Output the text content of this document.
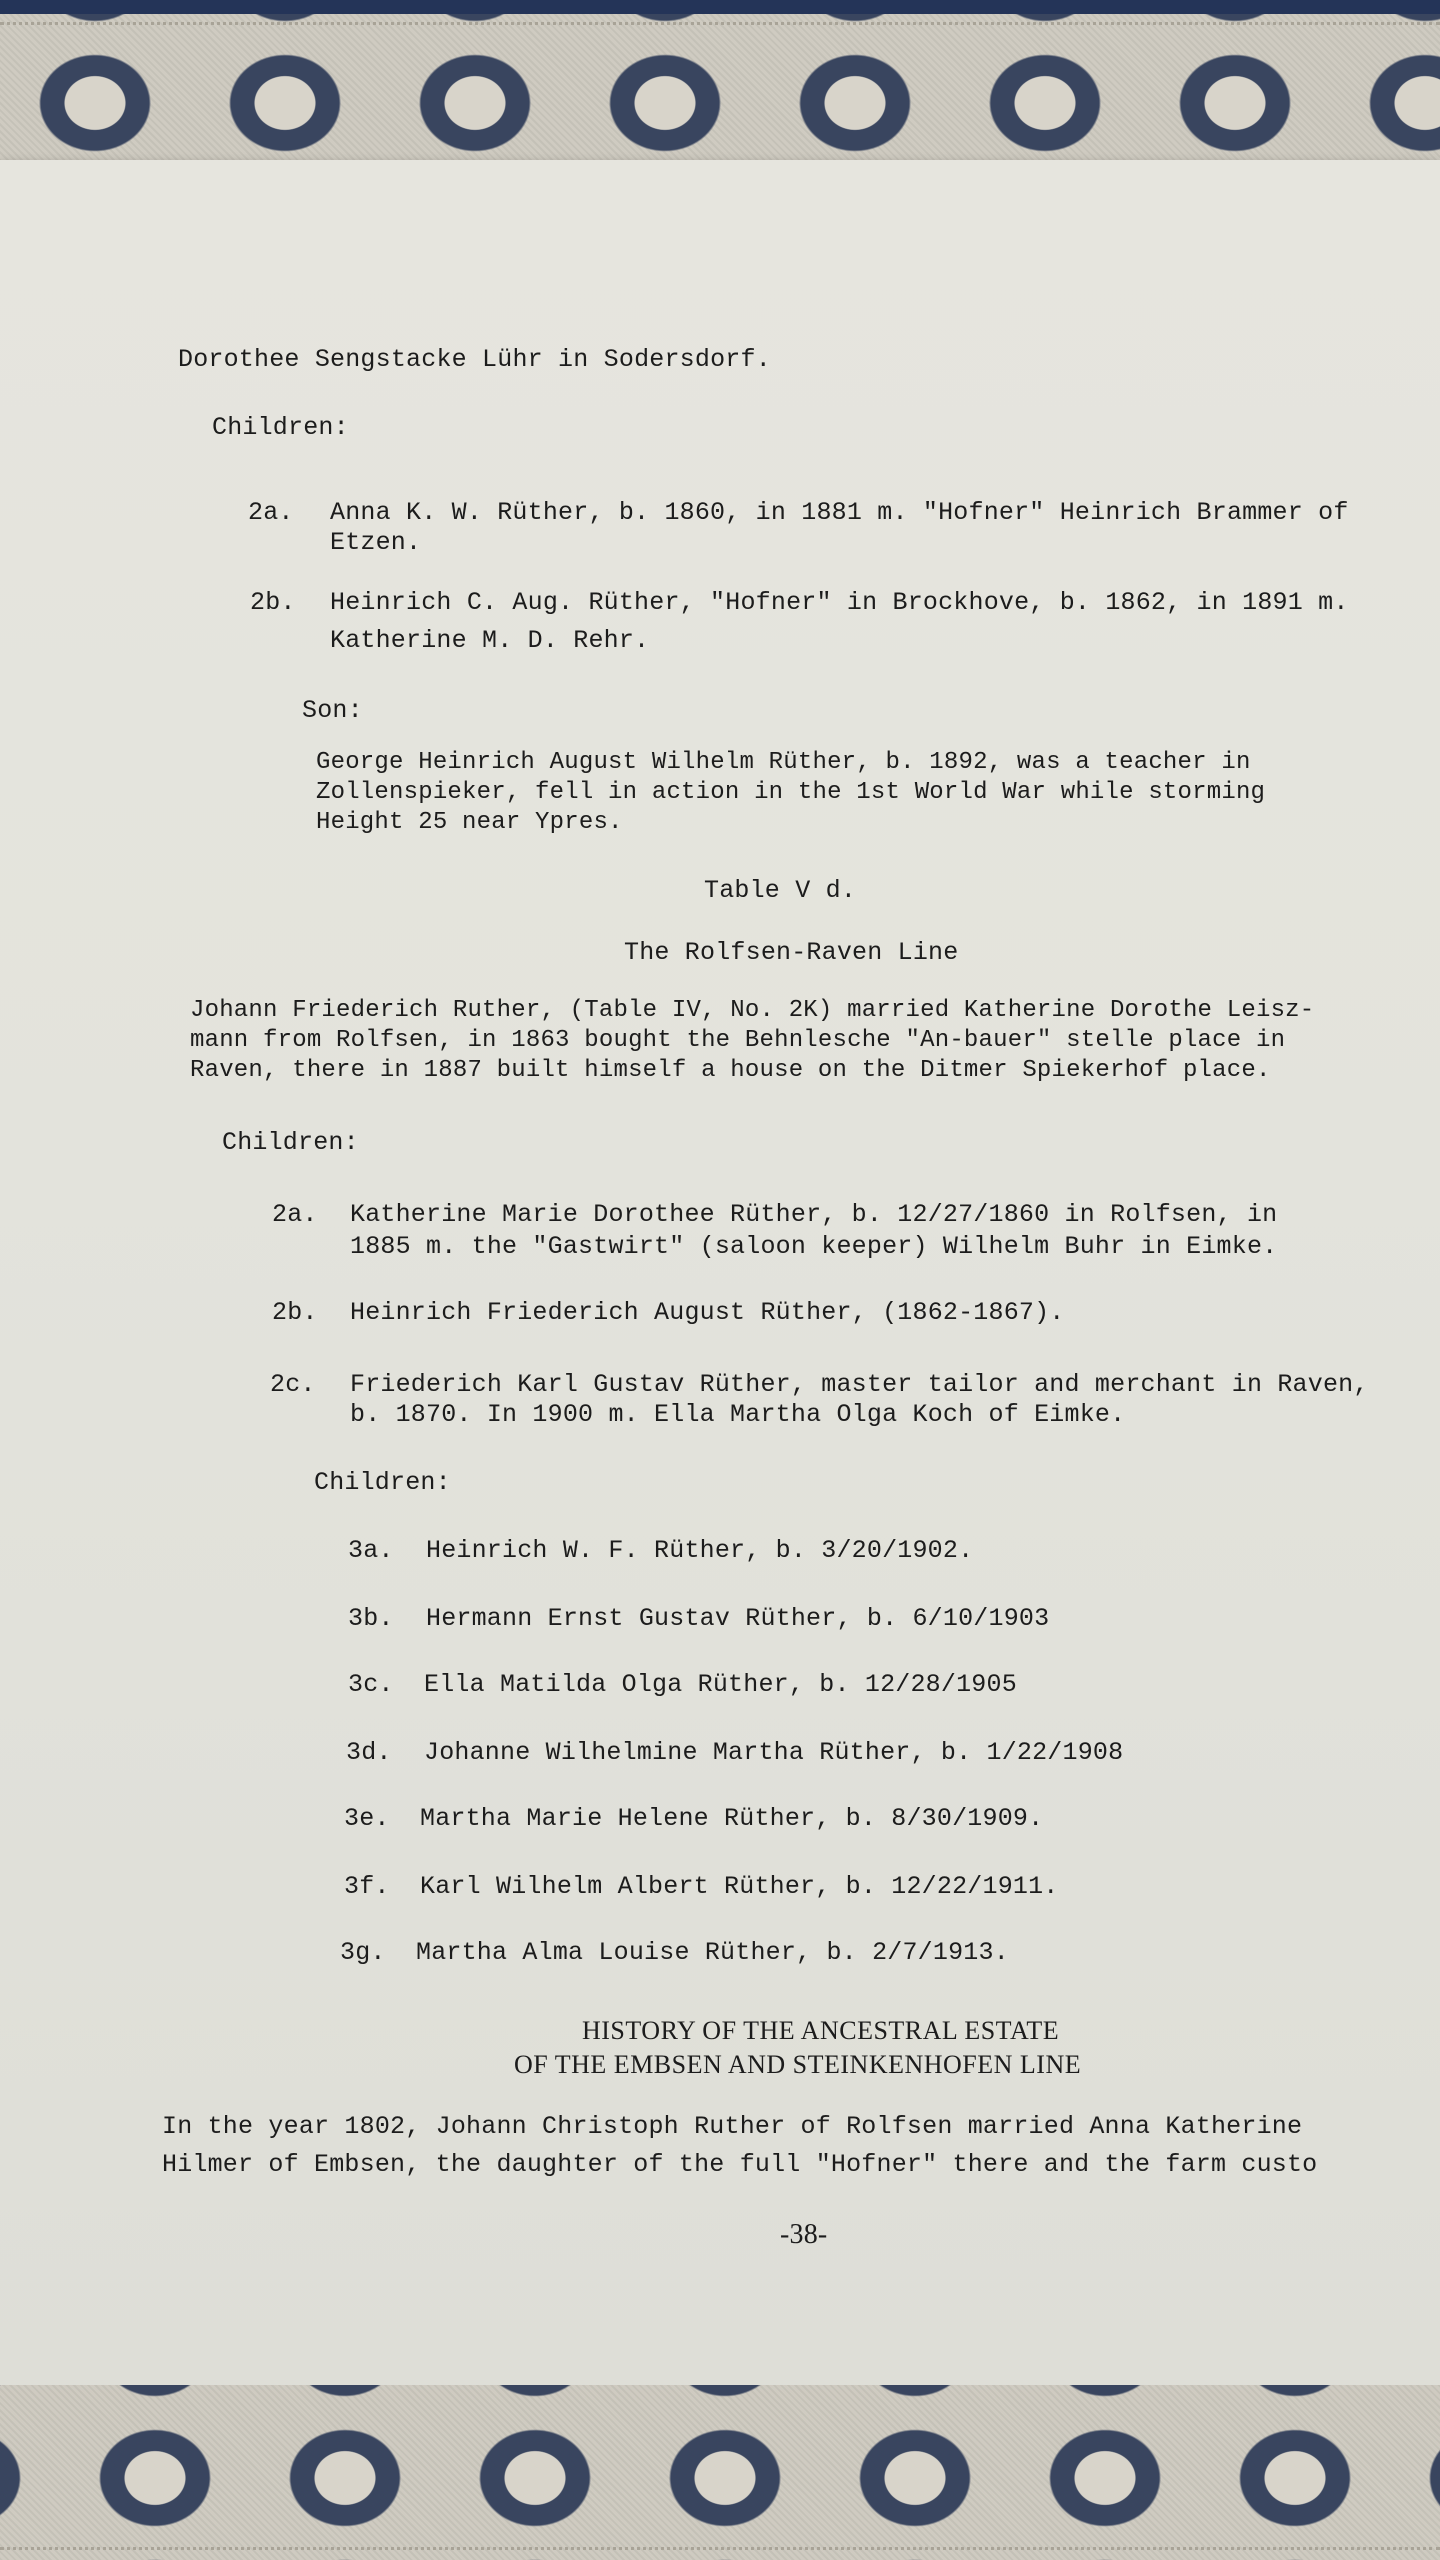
Dorothee Sengstacke Lühr in Sodersdorf.
Children:
2a. Anna K. W. Rüther, b. 1860, in 1881 m. "Hofner" Heinrich Brammer of
Etzen.
2b. Heinrich C. Aug. Rüther, "Hofner" in Brockhove, b. 1862, in 1891 m.
Katherine M. D. Rehr.
Son:
George Heinrich August Wilhelm Rüther, b. 1892, was a teacher in
Zollenspieker, fell in action in the 1st World War while storming
Height 25 near Ypres.
Table V d.
The Rolfsen-Raven Line
Johann Friederich Ruther, (Table IV, No. 2K) married Katherine Dorothe Leisz-
mann from Rolfsen, in 1863 bought the Behnlesche "An-bauer" stelle place in
Raven, there in 1887 built himself a house on the Ditmer Spiekerhof place.
Children:
2a. Katherine Marie Dorothee Rüther, b. 12/27/1860 in Rolfsen, in
1885 m. the "Gastwirt" (saloon keeper) Wilhelm Buhr in Eimke.
2b. Heinrich Friederich August Rüther, (1862-1867).
2c. Friederich Karl Gustav Rüther, master tailor and merchant in Raven,
b. 1870. In 1900 m. Ella Martha Olga Koch of Eimke.
Children:
3a. Heinrich W. F. Rüther, b. 3/20/1902.
3b. Hermann Ernst Gustav Rüther, b. 6/10/1903
3c. Ella Matilda Olga Rüther, b. 12/28/1905
3d. Johanne Wilhelmine Martha Rüther, b. 1/22/1908
3e. Martha Marie Helene Rüther, b. 8/30/1909.
3f. Karl Wilhelm Albert Rüther, b. 12/22/1911.
3g. Martha Alma Louise Rüther, b. 2/7/1913.
HISTORY OF THE ANCESTRAL ESTATE
OF THE EMBSEN AND STEINKENHOFEN LINE
In the year 1802, Johann Christoph Ruther of Rolfsen married Anna Katherine
Hilmer of Embsen, the daughter of the full "Hofner" there and the farm custo
-38-
